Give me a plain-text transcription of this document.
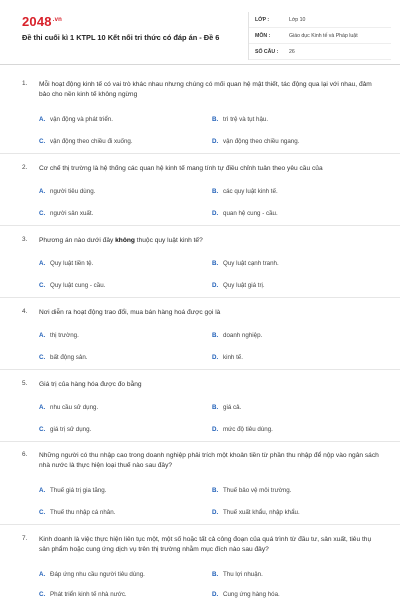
$2048^{.vn}$
Đề thi cuối kì 1 KTPL 10 Kết nối tri thức có đáp án - Đề 6
LỚP :	Lớp 10
MÔN :	Giáo dục Kinh tế và Pháp luật
SỐ CÂU :	26
1. Mỗi hoạt động kinh tế có vai trò khác nhau nhưng chúng có mối quan hệ mật thiết, tác động qua lại với nhau, đảm bảo cho nền kinh tế không ngừng
A. vận động và phát triển.	B. trì trệ và tụt hậu.
C. vận động theo chiều đi xuống.	D. vận động theo chiều ngang.
2. Cơ chế thị trường là hệ thống các quan hệ kinh tế mang tính tự điều chỉnh tuân theo yêu cầu của
A. người tiêu dùng.	B. các quy luật kinh tế.
C. người sản xuất.	D. quan hệ cung - cầu.
3. Phương án nào dưới đây không thuộc quy luật kinh tế?
A. Quy luật tiền tệ.	B. Quy luật cạnh tranh.
C. Quy luật cung - cầu.	D. Quy luật giá trị.
4. Nơi diễn ra hoạt động trao đổi, mua bán hàng hoá được gọi là
A. thị trường.	B. doanh nghiệp.
C. bất động sản.	D. kinh tế.
5. Giá trị của hàng hóa được đo bằng
A. nhu cầu sử dụng.	B. giá cả.
C. giá trị sử dụng.	D. mức độ tiêu dùng.
6. Những người có thu nhập cao trong doanh nghiệp phải trích một khoản tiền từ phần thu nhập để nộp vào ngân sách nhà nước là thực hiện loại thuế nào sau đây?
A. Thuế giá trị gia tăng.	B. Thuế bảo vệ môi trường.
C. Thuế thu nhập cá nhân.	D. Thuế xuất khẩu, nhập khẩu.
7. Kinh doanh là việc thực hiện liên tục một, một số hoặc tất cả công đoạn của quá trình từ đầu tư, sản xuất, tiêu thụ sản phẩm hoặc cung ứng dịch vụ trên thị trường nhằm mục đích nào sau đây?
A. Đáp ứng nhu cầu người tiêu dùng.	B. Thu lợi nhuận.
C. Phát triển kinh tế nhà nước.	D. Cung ứng hàng hóa.
